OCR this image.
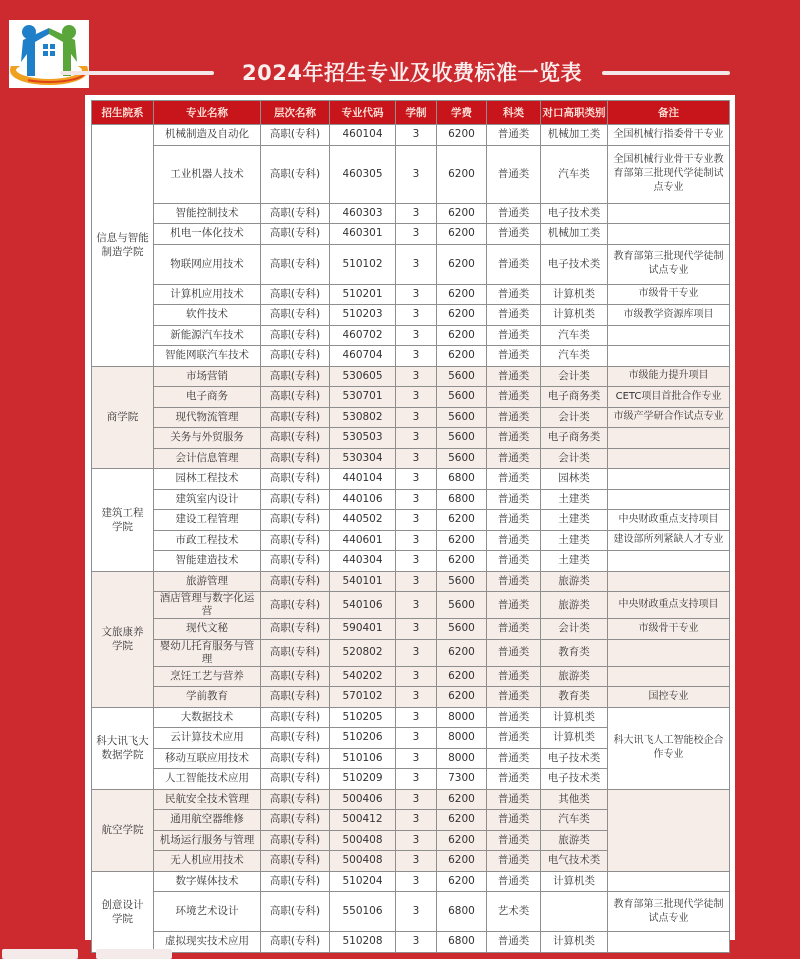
2024年招生专业及收费标准一览表
招生院系	专业名称	层次名称	专业代码	学制	学费	科类	对口高职类别	备注

信息与智能
制造学院	机械制造及自动化	高职(专科)	460104	3	6200	普通类	机械加工类	全国机械行指委骨干专业
	工业机器人技术	高职(专科)	460305	3	6200	普通类	汽车类	全国机械行业骨干专业教育部第三批现代学徒制试点专业
	智能控制技术	高职(专科)	460303	3	6200	普通类	电子技术类	
	机电一体化技术	高职(专科)	460301	3	6200	普通类	机械加工类	
	物联网应用技术	高职(专科)	510102	3	6200	普通类	电子技术类	教育部第三批现代学徒制试点专业
	计算机应用技术	高职(专科)	510201	3	6200	普通类	计算机类	市级骨干专业
	软件技术	高职(专科)	510203	3	6200	普通类	计算机类	市级教学资源库项目
	新能源汽车技术	高职(专科)	460702	3	6200	普通类	汽车类	
	智能网联汽车技术	高职(专科)	460704	3	6200	普通类	汽车类	

商学院	市场营销	高职(专科)	530605	3	5600	普通类	会计类	市级能力提升项目
	电子商务	高职(专科)	530701	3	5600	普通类	电子商务类	CETC项目首批合作专业
	现代物流管理	高职(专科)	530802	3	5600	普通类	会计类	市级产学研合作试点专业
	关务与外贸服务	高职(专科)	530503	3	5600	普通类	电子商务类	
	会计信息管理	高职(专科)	530304	3	5600	普通类	会计类	

建筑工程
学院	园林工程技术	高职(专科)	440104	3	6800	普通类	园林类	
	建筑室内设计	高职(专科)	440106	3	6800	普通类	土建类	
	建设工程管理	高职(专科)	440502	3	6200	普通类	土建类	中央财政重点支持项目
	市政工程技术	高职(专科)	440601	3	6200	普通类	土建类	建设部所列紧缺人才专业
	智能建造技术	高职(专科)	440304	3	6200	普通类	土建类	

文旅康养
学院	旅游管理	高职(专科)	540101	3	5600	普通类	旅游类	
	酒店管理与数字化运营	高职(专科)	540106	3	5600	普通类	旅游类	中央财政重点支持项目
	现代文秘	高职(专科)	590401	3	5600	普通类	会计类	市级骨干专业
	婴幼儿托育服务与管理	高职(专科)	520802	3	6200	普通类	教育类	
	烹饪工艺与营养	高职(专科)	540202	3	6200	普通类	旅游类	
	学前教育	高职(专科)	570102	3	6200	普通类	教育类	国控专业

科大讯飞大
数据学院	大数据技术	高职(专科)	510205	3	8000	普通类	计算机类	科大讯飞人工智能校企合作专业
	云计算技术应用	高职(专科)	510206	3	8000	普通类	计算机类	
	移动互联应用技术	高职(专科)	510106	3	8000	普通类	电子技术类	
	人工智能技术应用	高职(专科)	510209	3	7300	普通类	电子技术类	

航空学院	民航安全技术管理	高职(专科)	500406	3	6200	普通类	其他类	
	通用航空器维修	高职(专科)	500412	3	6200	普通类	汽车类	
	机场运行服务与管理	高职(专科)	500408	3	6200	普通类	旅游类	
	无人机应用技术	高职(专科)	500408	3	6200	普通类	电气技术类	

创意设计
学院	数字媒体技术	高职(专科)	510204	3	6200	普通类	计算机类	
	环境艺术设计	高职(专科)	550106	3	6800	艺术类		教育部第三批现代学徒制试点专业
	虚拟现实技术应用	高职(专科)	510208	3	6800	普通类	计算机类	
